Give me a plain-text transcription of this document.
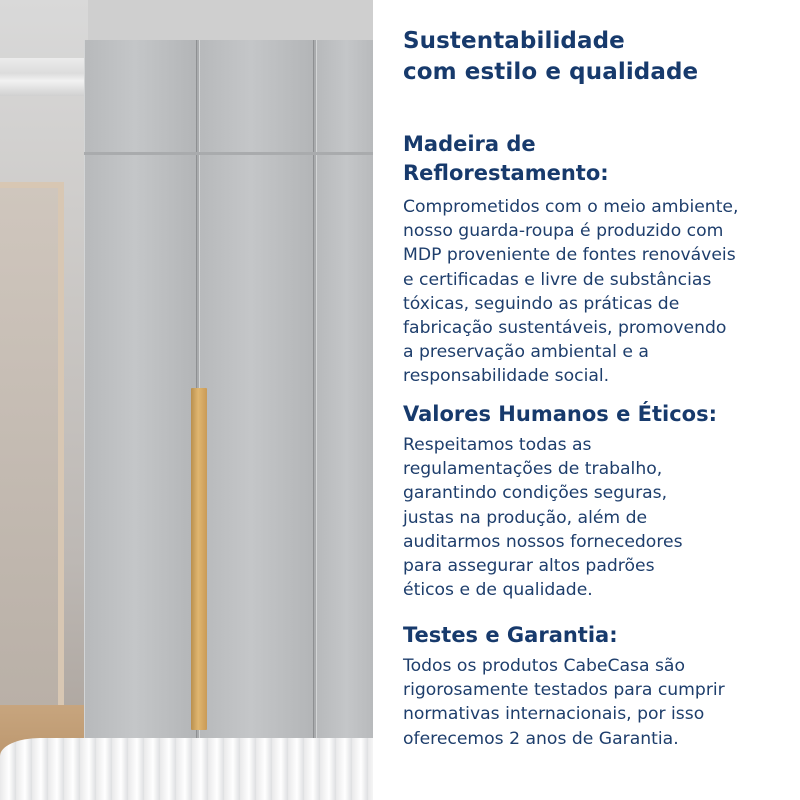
Sustentabilidade
com estilo e qualidade
Madeira de
Reflorestamento:

Comprometidos com o meio ambiente,
nosso guarda-roupa é produzido com
MDP proveniente de fontes renováveis
e certificadas e livre de substâncias
tóxicas, seguindo as práticas de
fabricação sustentáveis, promovendo
a preservação ambiental e a
responsabilidade social.

Valores Humanos e Éticos:

Respeitamos todas as
regulamentações de trabalho,
garantindo condições seguras,
justas na produção, além de
auditarmos nossos fornecedores
para assegurar altos padrões
éticos e de qualidade.

Testes e Garantia:

Todos os produtos CabeCasa são
rigorosamente testados para cumprir
normativas internacionais, por isso
oferecemos 2 anos de Garantia.
